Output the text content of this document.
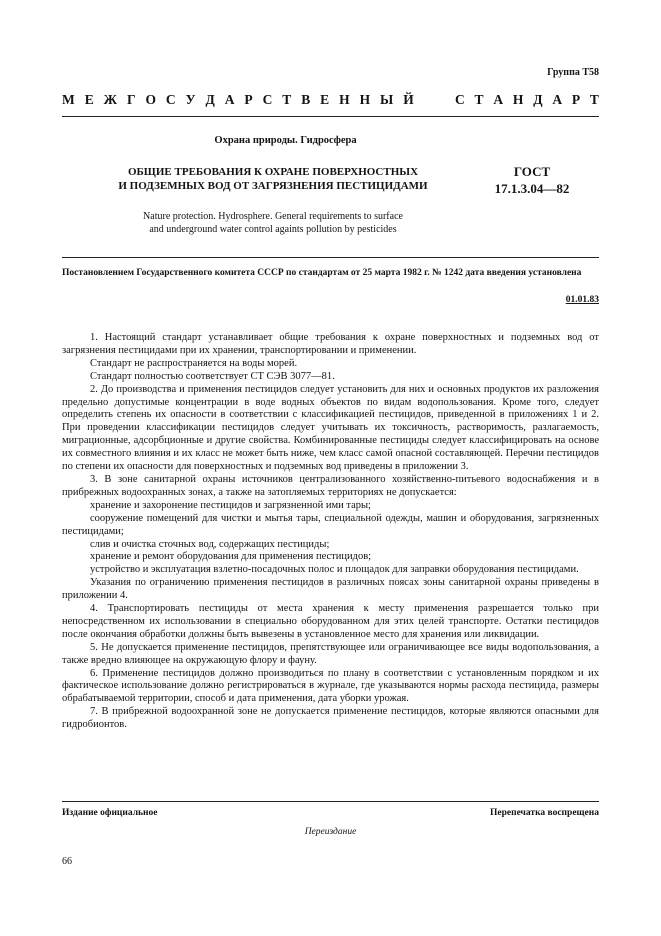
Группа Т58
М Е Ж Г О С У Д А Р С Т В Е Н Н Ы Й	С Т А Н Д А Р Т
Охрана природы. Гидросфера
ОБЩИЕ ТРЕБОВАНИЯ К ОХРАНЕ ПОВЕРХНОСТНЫХ
И ПОДЗЕМНЫХ ВОД ОТ ЗАГРЯЗНЕНИЯ ПЕСТИЦИДАМИ
ГОСТ
17.1.3.04—82
Nature protection. Hydrosphere. General requirements to surface
and underground water control againts pollution by pesticides
Постановлением Государственного комитета СССР по стандартам от 25 марта 1982 г. № 1242 дата введения установлена
01.01.83

1. Настоящий стандарт устанавливает общие требования к охране поверхностных и подземных вод от загрязнения пестицидами при их хранении, транспортировании и применении.

Стандарт не распространяется на воды морей.

Стандарт полностью соответствует СТ СЭВ 3077—81.

2. До производства и применения пестицидов следует установить для них и основных продуктов их разложения предельно допустимые концентрации в воде водных объектов по видам водопользования. Кроме того, следует определить степень их опасности в соответствии с классификацией пестицидов, приведенной в приложениях 1 и 2. При проведении классификации пестицидов следует учитывать их токсичность, растворимость, разлагаемость, миграционные, адсорбционные и другие свойства. Комбинированные пестициды следует классифицировать на основе их совместного влияния и их класс не может быть ниже, чем класс самой опасной составляющей. Перечни пестицидов по степени их опасности для поверхностных и подземных вод приведены в приложении 3.

3. В зоне санитарной охраны источников централизованного хозяйственно-питьевого водоснабжения и в прибрежных водоохранных зонах, а также на затопляемых территориях не допускается:

хранение и захоронение пестицидов и загрязненной ими тары;

сооружение помещений для чистки и мытья тары, специальной одежды, машин и оборудования, загрязненных пестицидами;

слив и очистка сточных вод, содержащих пестициды;

хранение и ремонт оборудования для применения пестицидов;

устройство и эксплуатация взлетно-посадочных полос и площадок для заправки оборудования пестицидами.

Указания по ограничению применения пестицидов в различных поясах зоны санитарной охраны приведены в приложении 4.

4. Транспортировать пестициды от места хранения к месту применения разрешается только при непосредственном их использовании в специально оборудованном для этих целей транспорте. Остатки пестицидов после окончания обработки должны быть вывезены в установленное место для хранения или ликвидации.

5. Не допускается применение пестицидов, препятствующее или ограничивающее все виды водопользования, а также вредно влияющее на окружающую флору и фауну.

6. Применение пестицидов должно производиться по плану в соответствии с установленным порядком и их фактическое использование должно регистрироваться в журнале, где указываются нормы расхода пестицида, размеры обрабатываемой территории, способ и дата применения, дата уборки урожая.

7. В прибрежной водоохранной зоне не допускается применение пестицидов, которые являются опасными для гидробионтов.

Издание официальное	Перепечатка воспрещена
Переиздание
66
